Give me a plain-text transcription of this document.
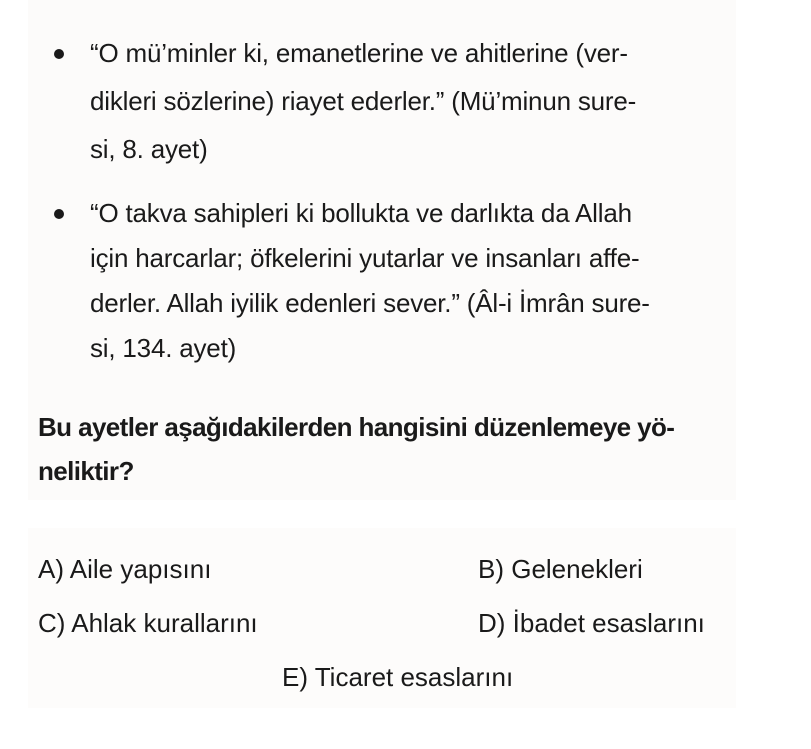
“O mü’minler ki, emanetlerine ve ahitlerine (ver-
dikleri sözlerine) riayet ederler.” (Mü’minun sure-
si, 8. ayet)
“O takva sahipleri ki bollukta ve darlıkta da Allah
için harcarlar; öfkelerini yutarlar ve insanları affe-
derler. Allah iyilik edenleri sever.” (Âl-i İmrân sure-
si, 134. ayet)
Bu ayetler aşağıdakilerden hangisini düzenlemeye yö-
neliktir?
A) Aile yapısını	B) Gelenekleri
C) Ahlak kurallarını	D) İbadet esaslarını
E) Ticaret esaslarını
